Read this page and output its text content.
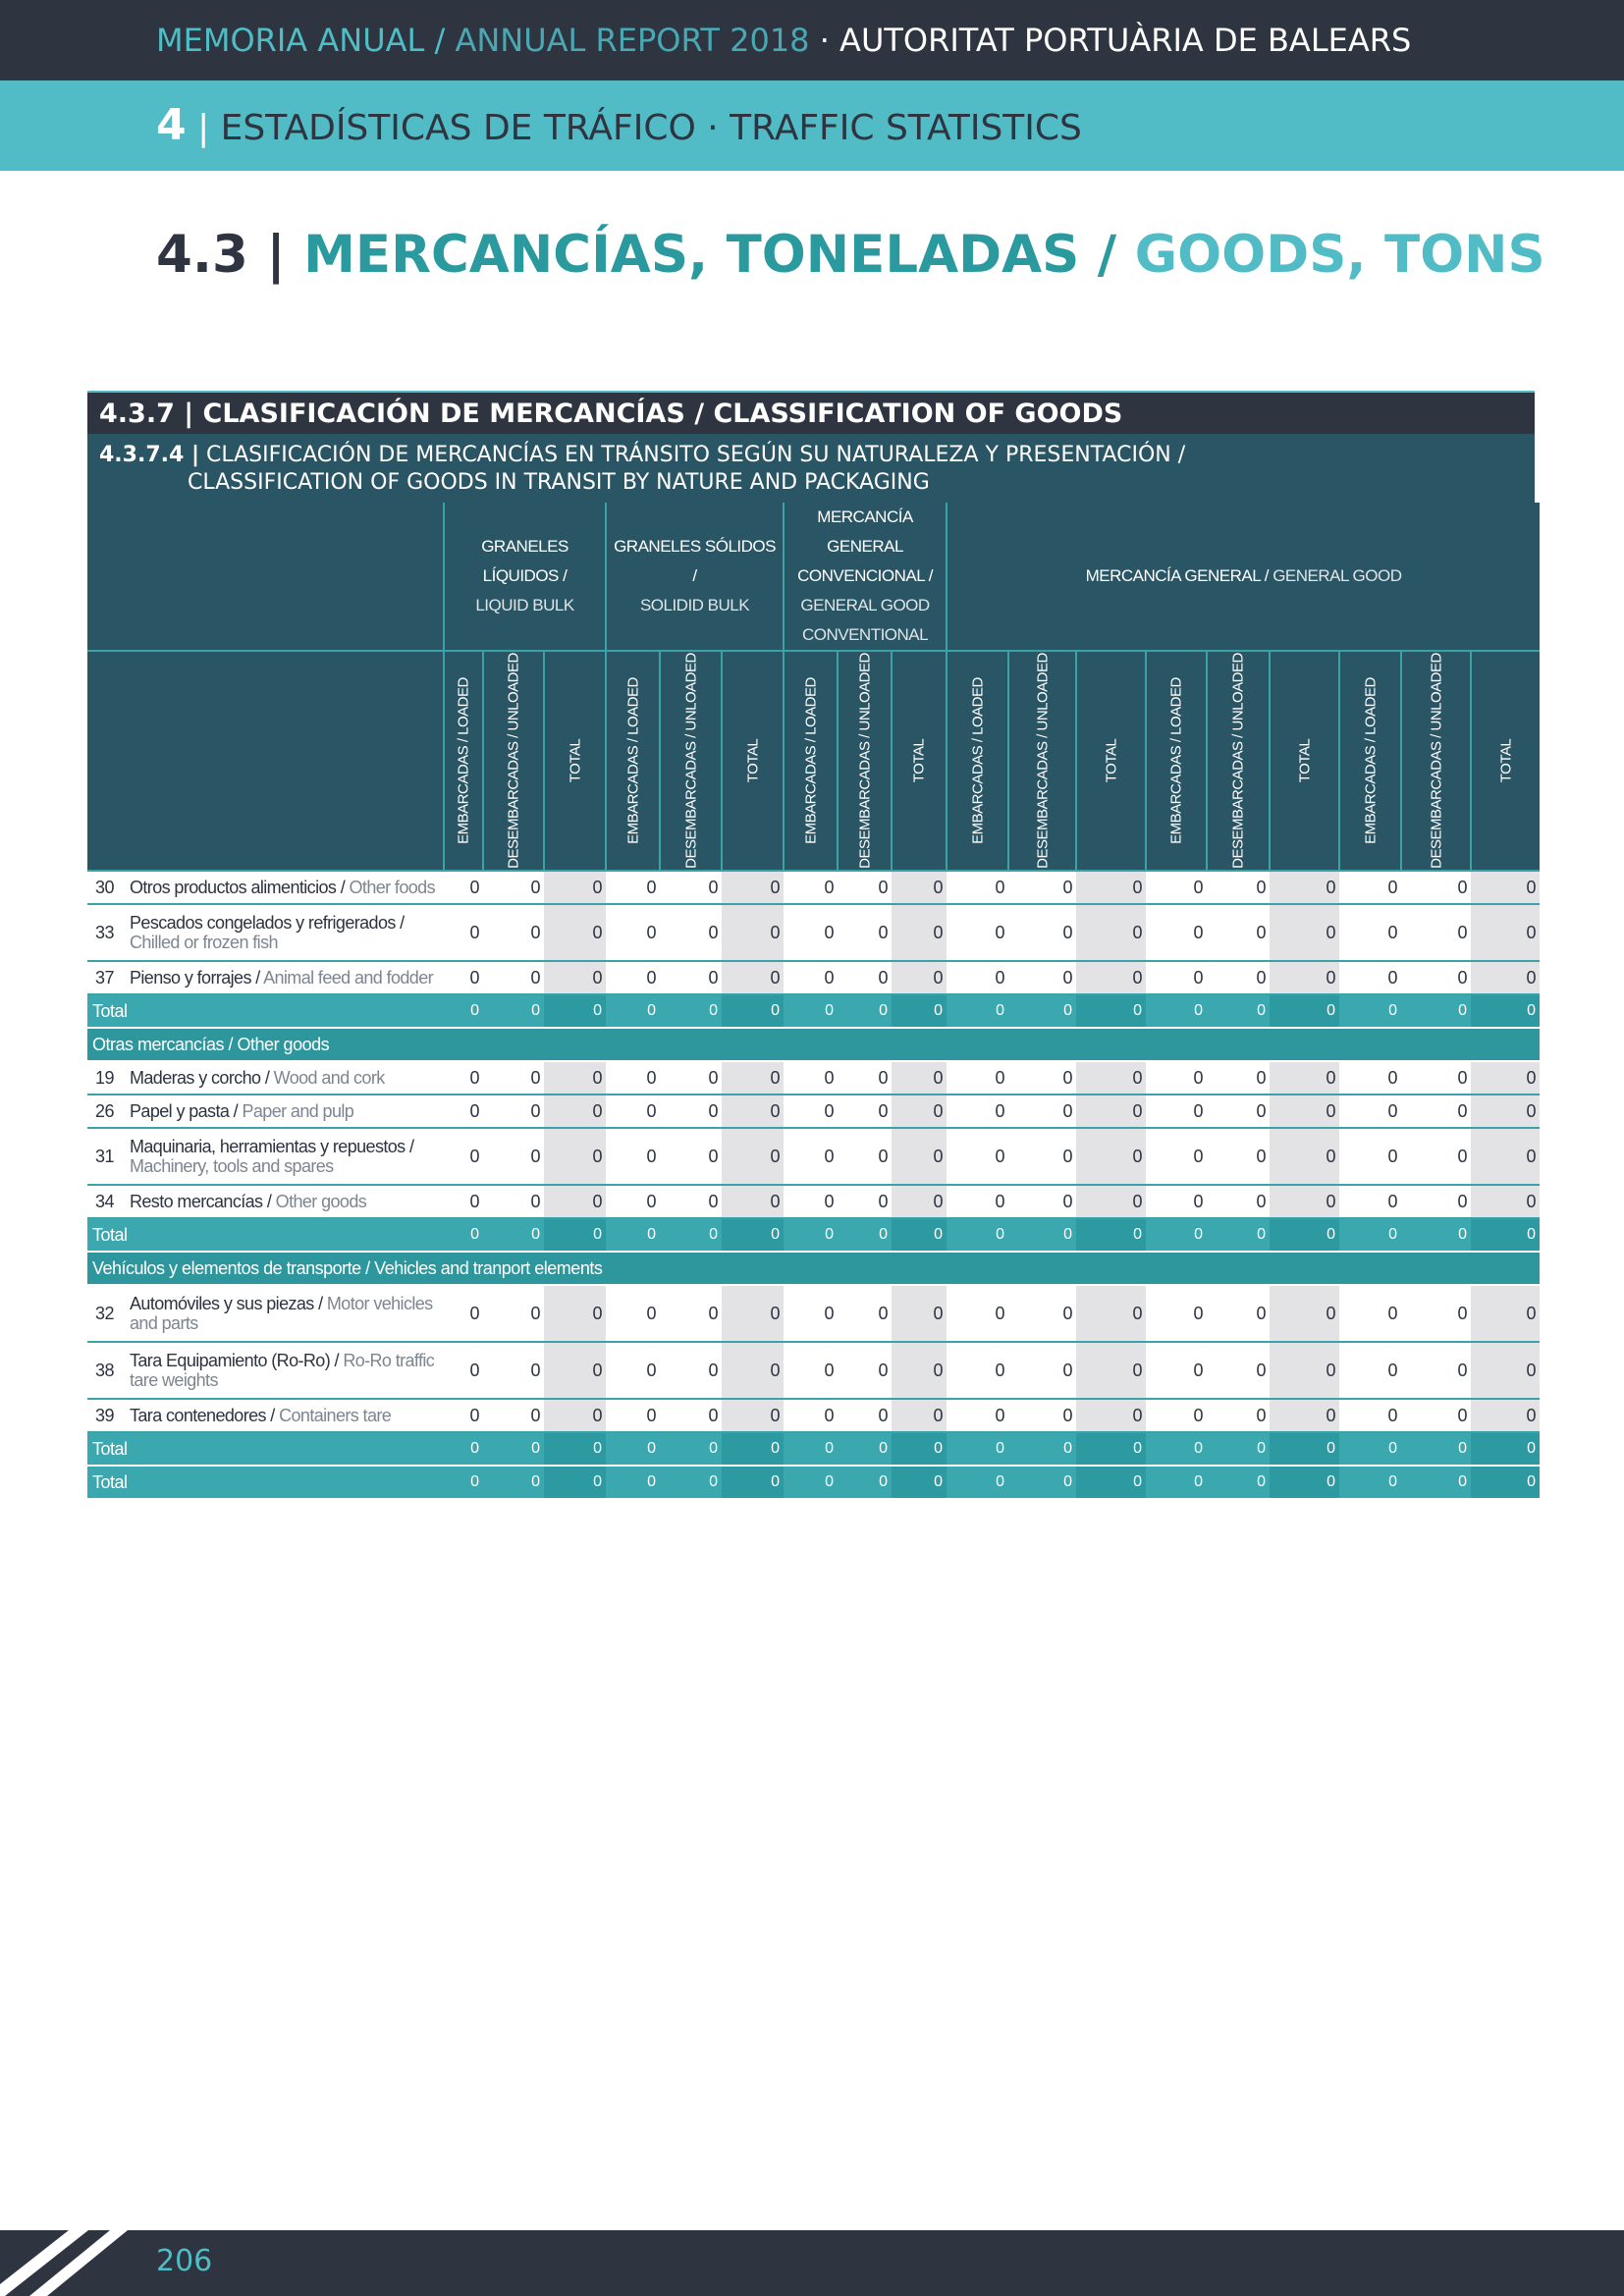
MEMORIA ANUAL / ANNUAL REPORT 2018 · AUTORITAT PORTUÀRIA DE BALEARS
4 | ESTADÍSTICAS DE TRÁFICO · TRAFFIC STATISTICS
4.3 | MERCANCÍAS, TONELADAS / GOODS, TONS
4.3.7 | CLASIFICACIÓN DE MERCANCÍAS / CLASSIFICATION OF GOODS
4.3.7.4 | CLASIFICACIÓN DE MERCANCÍAS EN TRÁNSITO SEGÚN SU NATURALEZA Y PRESENTACIÓN /
CLASSIFICATION OF GOODS IN TRANSIT BY NATURE AND PACKAGING
		GRANELES LÍQUIDOS /
LIQUID BULK			GRANELES SÓLIDOS /
SOLIDID BULK			MERCANCÍA GENERAL CONVENCIONAL /
GENERAL GOOD CONVENTIONAL			MERCANCÍA GENERAL / GENERAL GOOD								

		EMBARCADAS / LOADED	DESEMBARCADAS / UNLOADED	TOTAL	EMBARCADAS / LOADED	DESEMBARCADAS / UNLOADED	TOTAL	EMBARCADAS / LOADED	DESEMBARCADAS / UNLOADED	TOTAL	EMBARCADAS / LOADED	DESEMBARCADAS / UNLOADED	TOTAL	EMBARCADAS / LOADED	DESEMBARCADAS / UNLOADED	TOTAL	EMBARCADAS / LOADED	DESEMBARCADAS / UNLOADED	TOTAL

30	Otros productos alimenticios / Other foods	0	0	0	0	0	0	0	0	0	0	0	0	0	0	0	0	0	0
33	Pescados congelados y refrigerados / Chilled or frozen fish	0	0	0	0	0	0	0	0	0	0	0	0	0	0	0	0	0	0
37	Pienso y forrajes / Animal feed and fodder	0	0	0	0	0	0	0	0	0	0	0	0	0	0	0	0	0	0
Total		0	0	0	0	0	0	0	0	0	0	0	0	0	0	0	0	0	0
Otras mercancías / Other goods																			
19	Maderas y corcho / Wood and cork	0	0	0	0	0	0	0	0	0	0	0	0	0	0	0	0	0	0
26	Papel y pasta / Paper and pulp	0	0	0	0	0	0	0	0	0	0	0	0	0	0	0	0	0	0
31	Maquinaria, herramientas y repuestos / Machinery, tools and spares	0	0	0	0	0	0	0	0	0	0	0	0	0	0	0	0	0	0
34	Resto mercancías / Other goods	0	0	0	0	0	0	0	0	0	0	0	0	0	0	0	0	0	0
Total		0	0	0	0	0	0	0	0	0	0	0	0	0	0	0	0	0	0
Vehículos y elementos de transporte / Vehicles and tranport elements																			
32	Automóviles y sus piezas / Motor vehicles and parts	0	0	0	0	0	0	0	0	0	0	0	0	0	0	0	0	0	0
38	Tara Equipamiento (Ro-Ro) / Ro-Ro traffic tare weights	0	0	0	0	0	0	0	0	0	0	0	0	0	0	0	0	0	0
39	Tara contenedores / Containers tare	0	0	0	0	0	0	0	0	0	0	0	0	0	0	0	0	0	0
Total		0	0	0	0	0	0	0	0	0	0	0	0	0	0	0	0	0	0
Total		0	0	0	0	0	0	0	0	0	0	0	0	0	0	0	0	0	0
206
